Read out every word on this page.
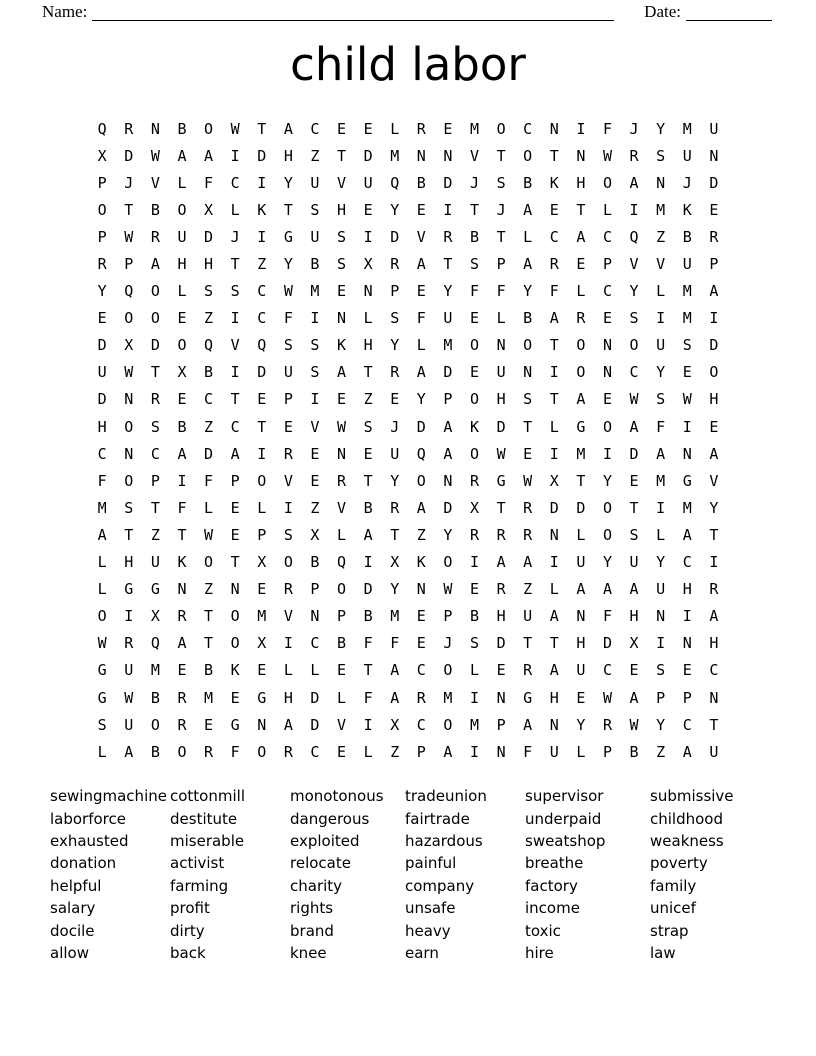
Name:	Date:
child labor
Q	R	N	B	O	W	T	A	C	E	E	L	R	E	M	O	C	N	I	F	J	Y	M	U
X	D	W	A	A	I	D	H	Z	T	D	M	N	N	V	T	O	T	N	W	R	S	U	N
P	J	V	L	F	C	I	Y	U	V	U	Q	B	D	J	S	B	K	H	O	A	N	J	D
O	T	B	O	X	L	K	T	S	H	E	Y	E	I	T	J	A	E	T	L	I	M	K	E
P	W	R	U	D	J	I	G	U	S	I	D	V	R	B	T	L	C	A	C	Q	Z	B	R
R	P	A	H	H	T	Z	Y	B	S	X	R	A	T	S	P	A	R	E	P	V	V	U	P
Y	Q	O	L	S	S	C	W	M	E	N	P	E	Y	F	F	Y	F	L	C	Y	L	M	A
E	O	O	E	Z	I	C	F	I	N	L	S	F	U	E	L	B	A	R	E	S	I	M	I
D	X	D	O	Q	V	Q	S	S	K	H	Y	L	M	O	N	O	T	O	N	O	U	S	D
U	W	T	X	B	I	D	U	S	A	T	R	A	D	E	U	N	I	O	N	C	Y	E	O
D	N	R	E	C	T	E	P	I	E	Z	E	Y	P	O	H	S	T	A	E	W	S	W	H
H	O	S	B	Z	C	T	E	V	W	S	J	D	A	K	D	T	L	G	O	A	F	I	E
C	N	C	A	D	A	I	R	E	N	E	U	Q	A	O	W	E	I	M	I	D	A	N	A
F	O	P	I	F	P	O	V	E	R	T	Y	O	N	R	G	W	X	T	Y	E	M	G	V
M	S	T	F	L	E	L	I	Z	V	B	R	A	D	X	T	R	D	D	O	T	I	M	Y
A	T	Z	T	W	E	P	S	X	L	A	T	Z	Y	R	R	R	N	L	O	S	L	A	T
L	H	U	K	O	T	X	O	B	Q	I	X	K	O	I	A	A	I	U	Y	U	Y	C	I
L	G	G	N	Z	N	E	R	P	O	D	Y	N	W	E	R	Z	L	A	A	A	U	H	R
O	I	X	R	T	O	M	V	N	P	B	M	E	P	B	H	U	A	N	F	H	N	I	A
W	R	Q	A	T	O	X	I	C	B	F	F	E	J	S	D	T	T	H	D	X	I	N	H
G	U	M	E	B	K	E	L	L	E	T	A	C	O	L	E	R	A	U	C	E	S	E	C
G	W	B	R	M	E	G	H	D	L	F	A	R	M	I	N	G	H	E	W	A	P	P	N
S	U	O	R	E	G	N	A	D	V	I	X	C	O	M	P	A	N	Y	R	W	Y	C	T
L	A	B	O	R	F	O	R	C	E	L	Z	P	A	I	N	F	U	L	P	B	Z	A	U
sewingmachine
laborforce
exhausted
donation
helpful
salary
docile
allow
cottonmill
destitute
miserable
activist
farming
profit
dirty
back
monotonous
dangerous
exploited
relocate
charity
rights
brand
knee
tradeunion
fairtrade
hazardous
painful
company
unsafe
heavy
earn
supervisor
underpaid
sweatshop
breathe
factory
income
toxic
hire
submissive
childhood
weakness
poverty
family
unicef
strap
law
